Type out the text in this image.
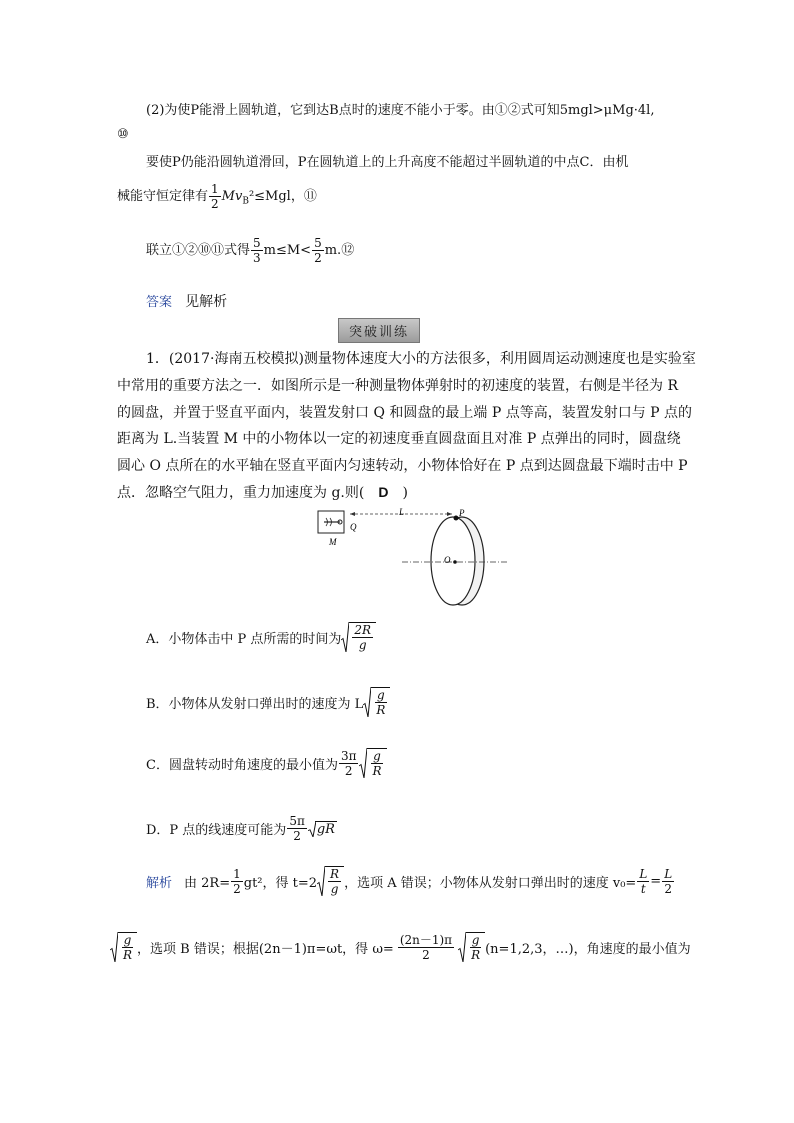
(2)为使P能滑上圆轨道，它到达B点时的速度不能小于零。由①②式可知5mgl>μMg·4l,
⑩
要使P仍能沿圆轨道滑回，P在圆轨道上的上升高度不能超过半圆轨道的中点C．由机
械能守恒定律有 $\frac{1}{2} Mv_B^2\le Mgl$，⑪
联立①②⑩⑪式得 $\frac{5}{3} m\le M< \frac{5}{2}$ m.⑫
答案 见解析
突破训练
1．(2017·海南五校模拟)测量物体速度大小的方法很多，利用圆周运动测速度也是实验室
中常用的重要方法之一．如图所示是一种测量物体弹射时的初速度的装置，右侧是半径为 R
的圆盘，并置于竖直平面内，装置发射口 Q 和圆盘的最上端 P 点等高，装置发射口与 P 点的
距离为 L.当装置 M 中的小物体以一定的初速度垂直圆盘面且对准 P 点弹出的同时，圆盘绕
圆心 O 点所在的水平轴在竖直平面内匀速转动，小物体恰好在 P 点到达圆盘最下端时击中 P
点．忽略空气阻力，重力加速度为 g.则( D )
Q
M
L	P
O
A．小物体击中 P 点所需的时间为 $\frac{2R}{g}$
B．小物体从发射口弹出时的速度为 L $\frac{g}{R}$
C．圆盘转动时角速度的最小值为 $\frac{3\pi}{2} \frac{g}{R}$
D．P 点的线速度可能为 $\frac{5\pi}{2}$ gR
解析 由 $2R= \frac{1}{2} gt^2$，得 $t=2 \frac{R}{g}$ ，选项 A 错误；小物体从发射口弹出时的速度 $v_0= \frac{L}{t} = \frac{L}{2}$
$\frac{g}{R}$ ，选项 B 错误；根据(2n－1)π=ωt，得 $\omega= \frac{(2n-1)\pi}{2} \frac{g}{R} (n=1,2,3$，…)，角速度的最小值为
